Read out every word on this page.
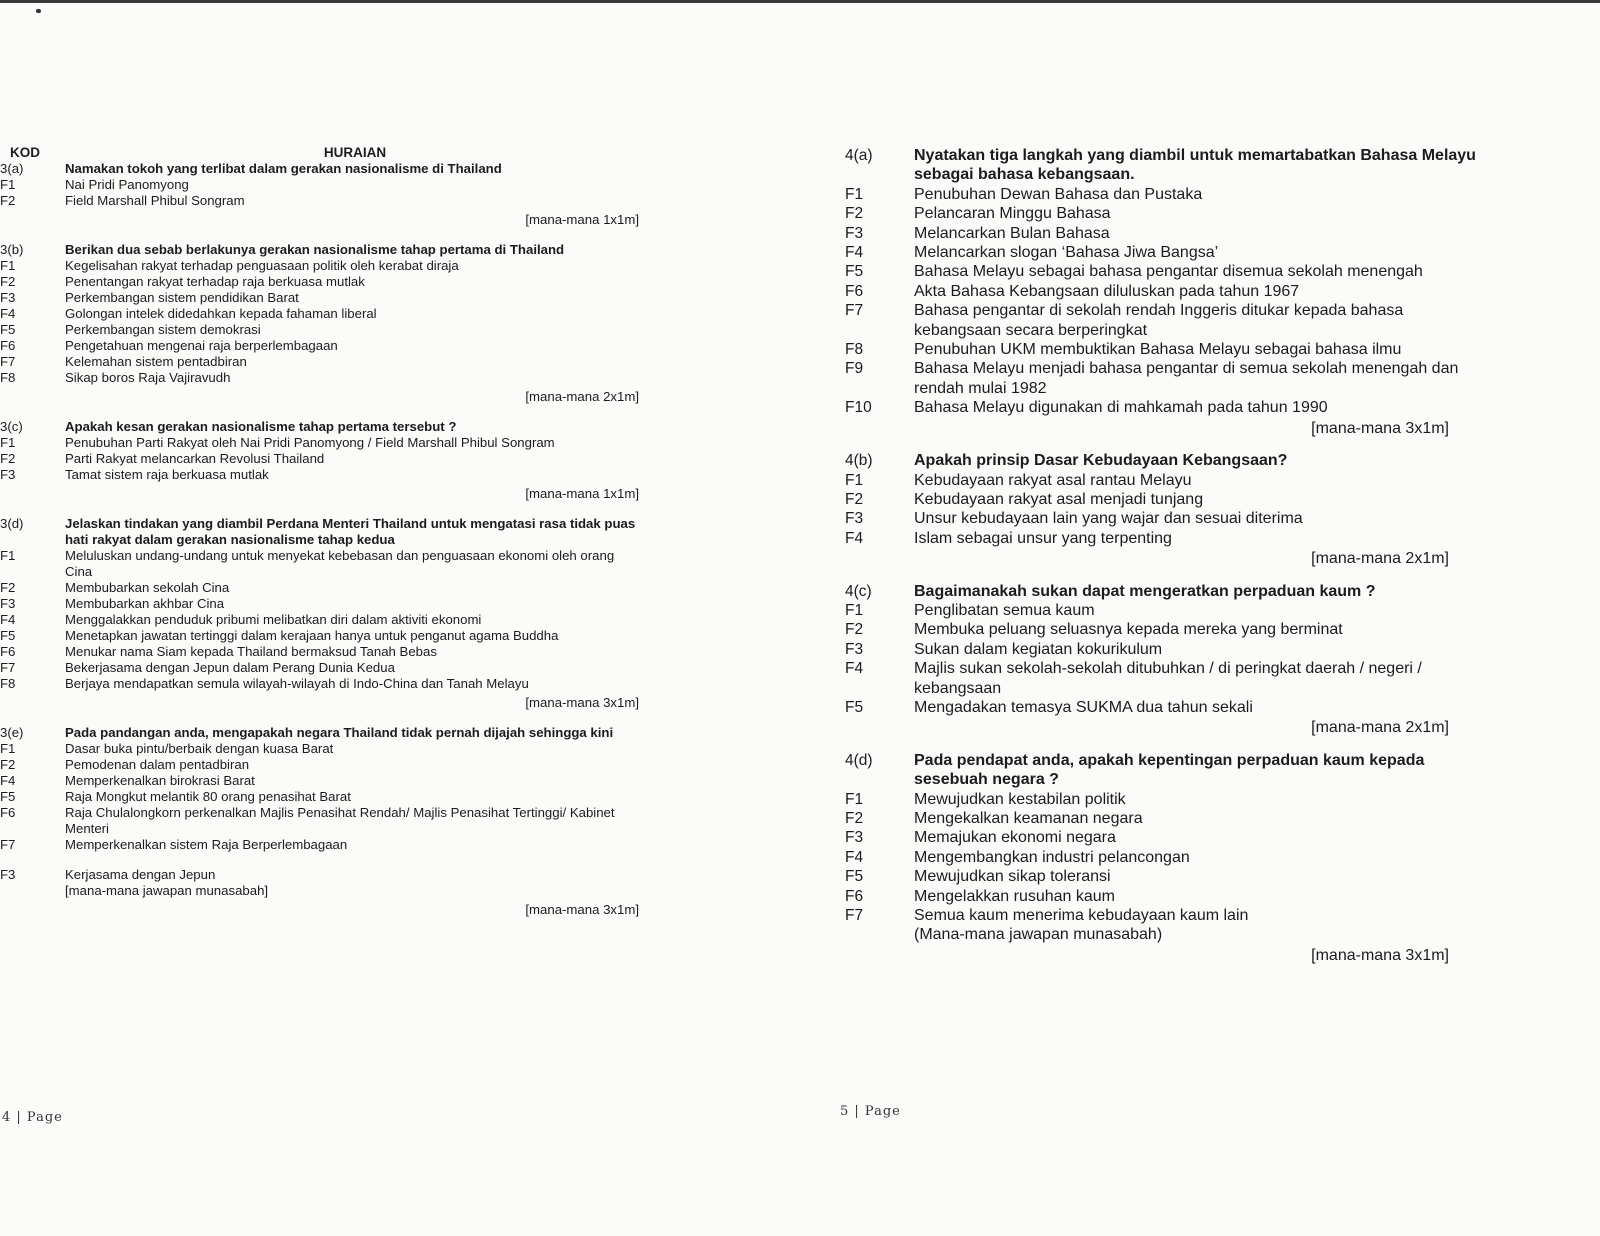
KOD	HURAIAN
3(a)	Namakan tokoh yang terlibat dalam gerakan nasionalisme di Thailand
F1	Nai Pridi Panomyong
F2	Field Marshall Phibul Songram
[mana-mana 1x1m]
3(b)	Berikan dua sebab berlakunya gerakan nasionalisme tahap pertama di Thailand
F1	Kegelisahan rakyat terhadap penguasaan politik oleh kerabat diraja
F2	Penentangan rakyat terhadap raja berkuasa mutlak
F3	Perkembangan sistem pendidikan Barat
F4	Golongan intelek didedahkan kepada fahaman liberal
F5	Perkembangan sistem demokrasi
F6	Pengetahuan mengenai raja berperlembagaan
F7	Kelemahan sistem pentadbiran
F8	Sikap boros Raja Vajiravudh
[mana-mana 2x1m]
3(c)	Apakah kesan gerakan nasionalisme tahap pertama tersebut ?
F1	Penubuhan Parti Rakyat oleh Nai Pridi Panomyong / Field Marshall Phibul Songram
F2	Parti Rakyat melancarkan Revolusi Thailand
F3	Tamat sistem raja berkuasa mutlak
[mana-mana 1x1m]
3(d)	Jelaskan tindakan yang diambil Perdana Menteri Thailand untuk mengatasi rasa tidak puas hati rakyat dalam gerakan nasionalisme tahap kedua
F1	Meluluskan undang-undang untuk menyekat kebebasan dan penguasaan ekonomi oleh orang Cina
F2	Membubarkan sekolah Cina
F3	Membubarkan akhbar Cina
F4	Menggalakkan penduduk pribumi melibatkan diri dalam aktiviti ekonomi
F5	Menetapkan jawatan tertinggi dalam kerajaan hanya untuk penganut agama Buddha
F6	Menukar nama Siam kepada Thailand bermaksud Tanah Bebas
F7	Bekerjasama dengan Jepun dalam Perang Dunia Kedua
F8	Berjaya mendapatkan semula wilayah-wilayah di Indo-China dan Tanah Melayu
[mana-mana 3x1m]
3(e)	Pada pandangan anda, mengapakah negara Thailand tidak pernah dijajah sehingga kini
F1	Dasar buka pintu/berbaik dengan kuasa Barat
F2	Pemodenan dalam pentadbiran
F4	Memperkenalkan birokrasi Barat
F5	Raja Mongkut melantik 80 orang penasihat Barat
F6	Raja Chulalongkorn perkenalkan Majlis Penasihat Rendah/ Majlis Penasihat Tertinggi/ Kabinet Menteri
F7	Memperkenalkan sistem Raja Berperlembagaan
F3	Kerjasama dengan Jepun
[mana-mana jawapan munasabah]
[mana-mana 3x1m]
4 | Page
4(a)	Nyatakan tiga langkah yang diambil untuk memartabatkan Bahasa Melayu sebagai bahasa kebangsaan.
F1	Penubuhan Dewan Bahasa dan Pustaka
F2	Pelancaran Minggu Bahasa
F3	Melancarkan Bulan Bahasa
F4	Melancarkan slogan ‘Bahasa Jiwa Bangsa’
F5	Bahasa Melayu sebagai bahasa pengantar disemua sekolah menengah
F6	Akta Bahasa Kebangsaan diluluskan pada tahun 1967
F7	Bahasa pengantar di sekolah rendah Inggeris ditukar kepada bahasa kebangsaan secara berperingkat
F8	Penubuhan UKM membuktikan Bahasa Melayu sebagai bahasa ilmu
F9	Bahasa Melayu menjadi bahasa pengantar di semua sekolah menengah dan rendah mulai 1982
F10	Bahasa Melayu digunakan di mahkamah pada tahun 1990
[mana-mana 3x1m]
4(b)	Apakah prinsip Dasar Kebudayaan Kebangsaan?
F1	Kebudayaan rakyat asal rantau Melayu
F2	Kebudayaan rakyat asal menjadi tunjang
F3	Unsur kebudayaan lain yang wajar dan sesuai diterima
F4	Islam sebagai unsur yang terpenting
[mana-mana 2x1m]
4(c)	Bagaimanakah sukan dapat mengeratkan perpaduan kaum ?
F1	Penglibatan semua kaum
F2	Membuka peluang seluasnya kepada mereka yang berminat
F3	Sukan dalam kegiatan kokurikulum
F4	Majlis sukan sekolah-sekolah ditubuhkan / di peringkat daerah / negeri / kebangsaan
F5	Mengadakan temasya SUKMA dua tahun sekali
[mana-mana 2x1m]
4(d)	Pada pendapat anda, apakah kepentingan perpaduan kaum kepada sesebuah negara ?
F1	Mewujudkan kestabilan politik
F2	Mengekalkan keamanan negara
F3	Memajukan ekonomi negara
F4	Mengembangkan industri pelancongan
F5	Mewujudkan sikap toleransi
F6	Mengelakkan rusuhan kaum
F7	Semua kaum menerima kebudayaan kaum lain
(Mana-mana jawapan munasabah)
[mana-mana 3x1m]
5 | Page
